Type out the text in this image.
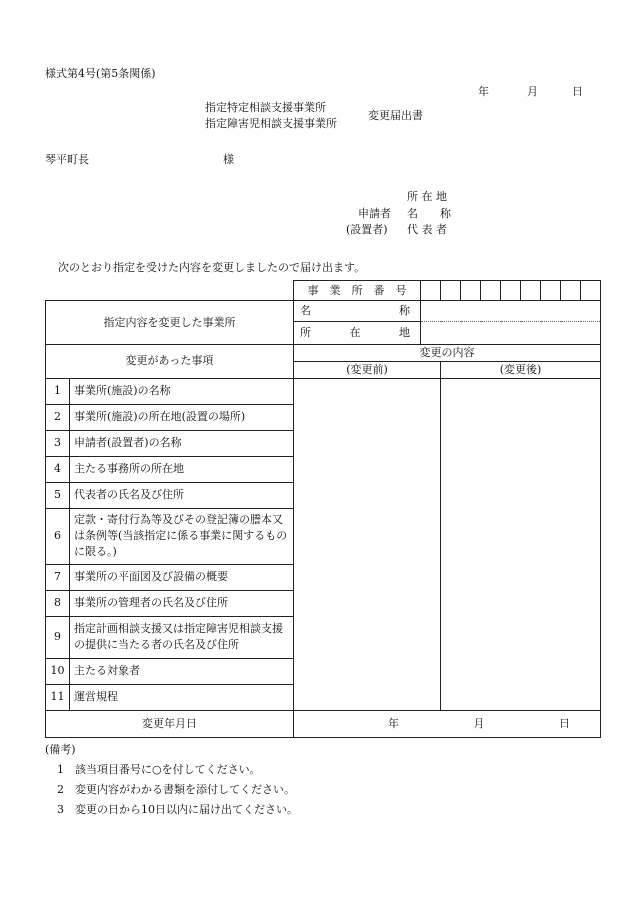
様式第4号(第5条関係)
年	月	日
指定特定相談支援事業所
指定障害児相談支援事業所
変更届出書
琴平町長	様
所 在 地
申請者 名　　称
(設置者) 代 表 者
次のとおり指定を受けた内容を変更しましたので届け出ます。
		事　業　所　番　号									
指定内容を変更した事業所		名 称									

		所 在 地									

変更があった事項		変更の内容									
		(変更前)		(変更後)							
1	事業所(施設)の名称										
2	事業所(施設)の所在地(設置の場所)										
3	申請者(設置者)の名称										
4	主たる事務所の所在地										
5	代表者の氏名及び住所										
6	定款・寄付行為等及びその登記簿の謄本又は条例等(当該指定に係る事業に関するものに限る。)										
7	事業所の平面図及び設備の概要										
8	事業所の管理者の氏名及び住所										
9	指定計画相談支援又は指定障害児相談支援の提供に当たる者の氏名及び住所										
10	主たる対象者										
11	運営規程										
変更年月日		年 月 日									
(備考)
1	該当項目番号に○を付してください。
2	変更内容がわかる書類を添付してください。
3	変更の日から10日以内に届け出てください。
